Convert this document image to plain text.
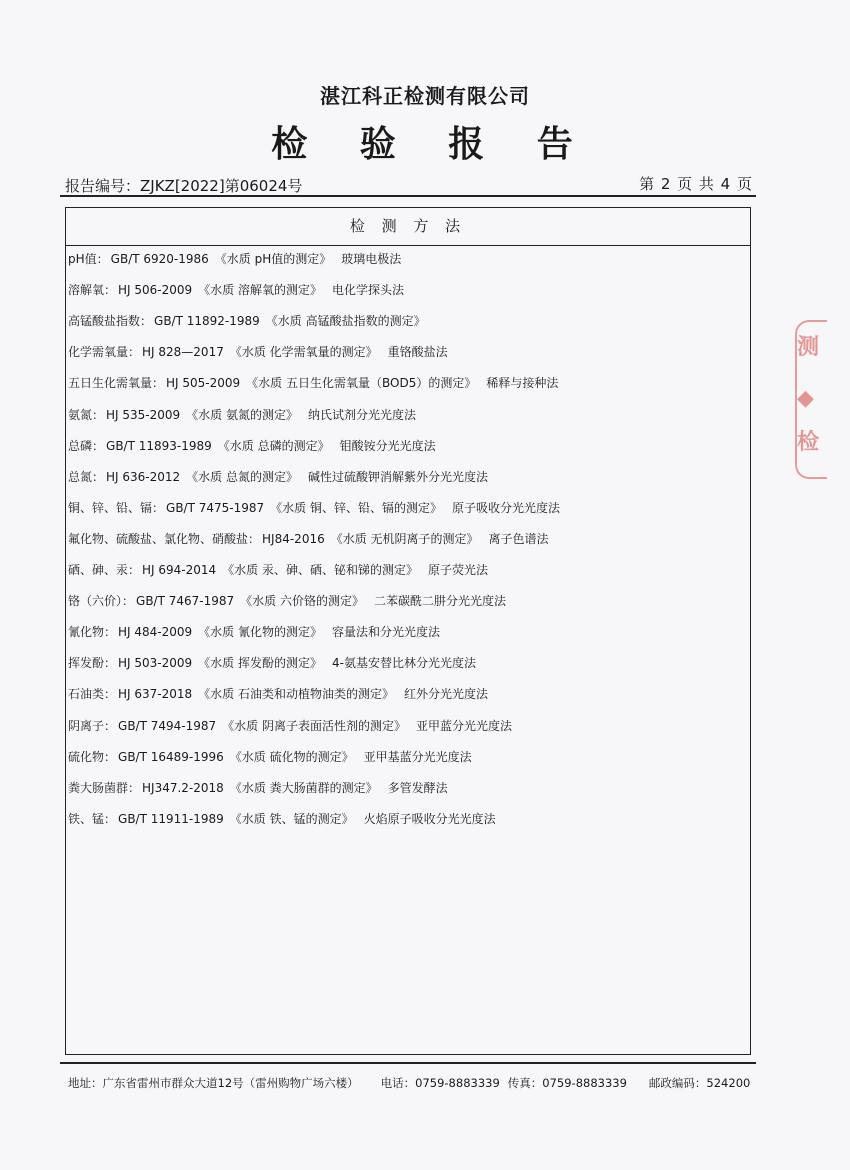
湛江科正检测有限公司
检 验 报 告
报告编号：ZJKZ[2022]第06024号	第 2 页 共 4 页
检 测 方 法
pH值： GB/T 6920-1986 《水质 pH值的测定》 玻璃电极法
溶解氧： HJ 506-2009 《水质 溶解氧的测定》 电化学探头法
高锰酸盐指数： GB/T 11892-1989 《水质 高锰酸盐指数的测定》
化学需氧量： HJ 828—2017 《水质 化学需氧量的测定》 重铬酸盐法
五日生化需氧量： HJ 505-2009 《水质 五日生化需氧量（BOD5）的测定》 稀释与接种法
氨氮： HJ 535-2009 《水质 氨氮的测定》 纳氏试剂分光光度法
总磷： GB/T 11893-1989 《水质 总磷的测定》 钼酸铵分光光度法
总氮： HJ 636-2012 《水质 总氮的测定》 碱性过硫酸钾消解紫外分光光度法
铜、锌、铅、镉： GB/T 7475-1987 《水质 铜、锌、铅、镉的测定》 原子吸收分光光度法
氟化物、硫酸盐、氯化物、硝酸盐： HJ84-2016 《水质 无机阴离子的测定》 离子色谱法
硒、砷、汞： HJ 694-2014 《水质 汞、砷、硒、铋和锑的测定》 原子荧光法
铬（六价）： GB/T 7467-1987 《水质 六价铬的测定》 二苯碳酰二肼分光光度法
氰化物： HJ 484-2009 《水质 氰化物的测定》 容量法和分光光度法
挥发酚： HJ 503-2009 《水质 挥发酚的测定》 4-氨基安替比林分光光度法
石油类： HJ 637-2018 《水质 石油类和动植物油类的测定》 红外分光光度法
阴离子： GB/T 7494-1987 《水质 阴离子表面活性剂的测定》 亚甲蓝分光光度法
硫化物： GB/T 16489-1996 《水质 硫化物的测定》 亚甲基蓝分光光度法
粪大肠菌群： HJ347.2-2018 《水质 粪大肠菌群的测定》 多管发酵法
铁、锰： GB/T 11911-1989 《水质 铁、锰的测定》 火焰原子吸收分光光度法
地址：广东省雷州市群众大道12号（雷州购物广场六楼） 电话：0759-8883339 传真：0759-8883339 邮政编码：524200
测
◆
检
